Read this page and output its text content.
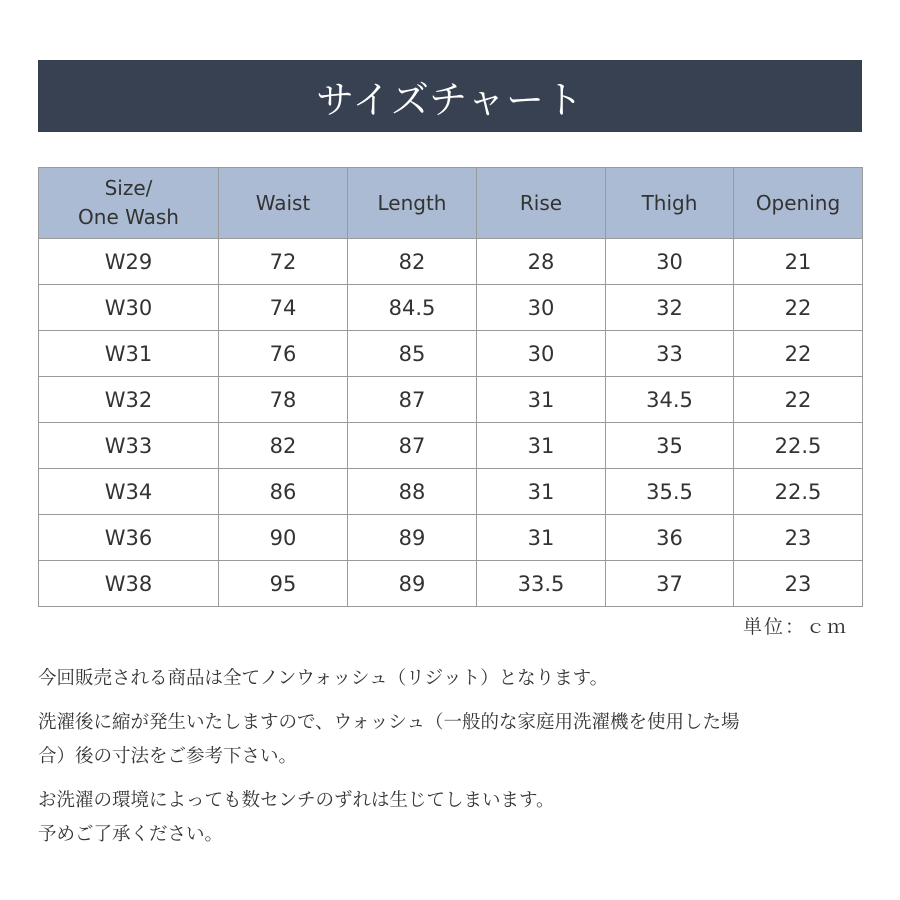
サイズチャート
Size/
One Wash	Waist	Length	Rise	Thigh	Opening
W29	72	82	28	30	21
W30	74	84.5	30	32	22
W31	76	85	30	33	22
W32	78	87	31	34.5	22
W33	82	87	31	35	22.5
W34	86	88	31	35.5	22.5
W36	90	89	31	36	23
W38	95	89	33.5	37	23
単位：ｃｍ
今回販売される商品は全てノンウォッシュ（リジット）となります。
洗濯後に縮が発生いたしますので、ウォッシュ（一般的な家庭用洗濯機を使用した場
合）後の寸法をご参考下さい。
お洗濯の環境によっても数センチのずれは生じてしまいます。
予めご了承ください。
